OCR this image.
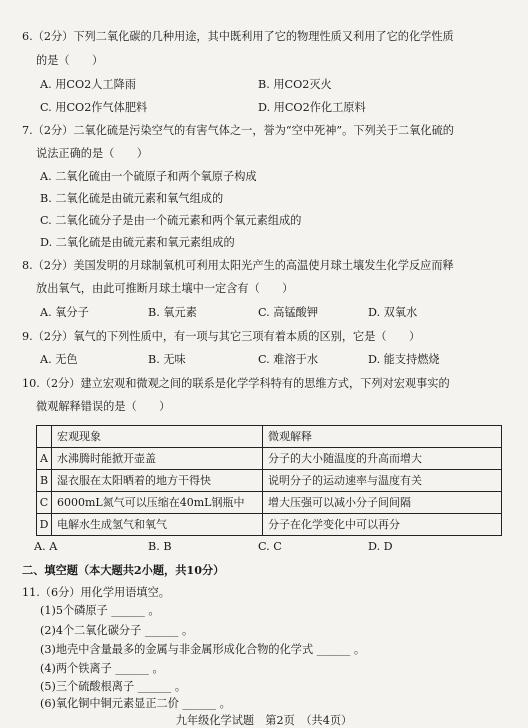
6.（2分）下列二氧化碳的几种用途，其中既利用了它的物理性质又利用了它的化学性质
的是（　　）
A. 用CO2人工降雨	B. 用CO2灭火
C. 用CO2作气体肥料	D. 用CO2作化工原料
7.（2分）二氧化硫是污染空气的有害气体之一，誉为“空中死神”。下列关于二氧化硫的
说法正确的是（　　）
A. 二氧化硫由一个硫原子和两个氧原子构成
B. 二氧化硫是由硫元素和氧气组成的
C. 二氧化硫分子是由一个硫元素和两个氧元素组成的
D. 二氧化硫是由硫元素和氧元素组成的
8.（2分）美国发明的月球制氧机可利用太阳光产生的高温使月球土壤发生化学反应而释
放出氧气，由此可推断月球土壤中一定含有（　　）
A. 氧分子	B. 氧元素	C. 高锰酸钾	D. 双氧水
9.（2分）氧气的下列性质中，有一项与其它三项有着本质的区别，它是（　　）
A. 无色	B. 无味	C. 难溶于水	D. 能支持燃烧
10.（2分）建立宏观和微观之间的联系是化学学科特有的思维方式，下列对宏观事实的
微观解释错误的是（　　）
	宏观现象	微观解释
A	水沸腾时能掀开壶盖	分子的大小随温度的升高而增大
B	湿衣服在太阳晒着的地方干得快	说明分子的运动速率与温度有关
C	6000mL氮气可以压缩在40mL钢瓶中	增大压强可以减小分子间间隔
D	电解水生成氢气和氧气	分子在化学变化中可以再分
A. A	B. B	C. C	D. D
二、填空题（本大题共2小题，共10分）
11.（6分）用化学用语填空。
(1)5个磷原子 ______ 。
(2)4个二氧化碳分子 ______ 。
(3)地壳中含量最多的金属与非金属形成化合物的化学式 ______ 。
(4)两个铁离子 ______ 。
(5)三个硫酸根离子 ______ 。
(6)氧化铜中铜元素显正二价 ______ 。
九年级化学试题　第2页　（共4页）
